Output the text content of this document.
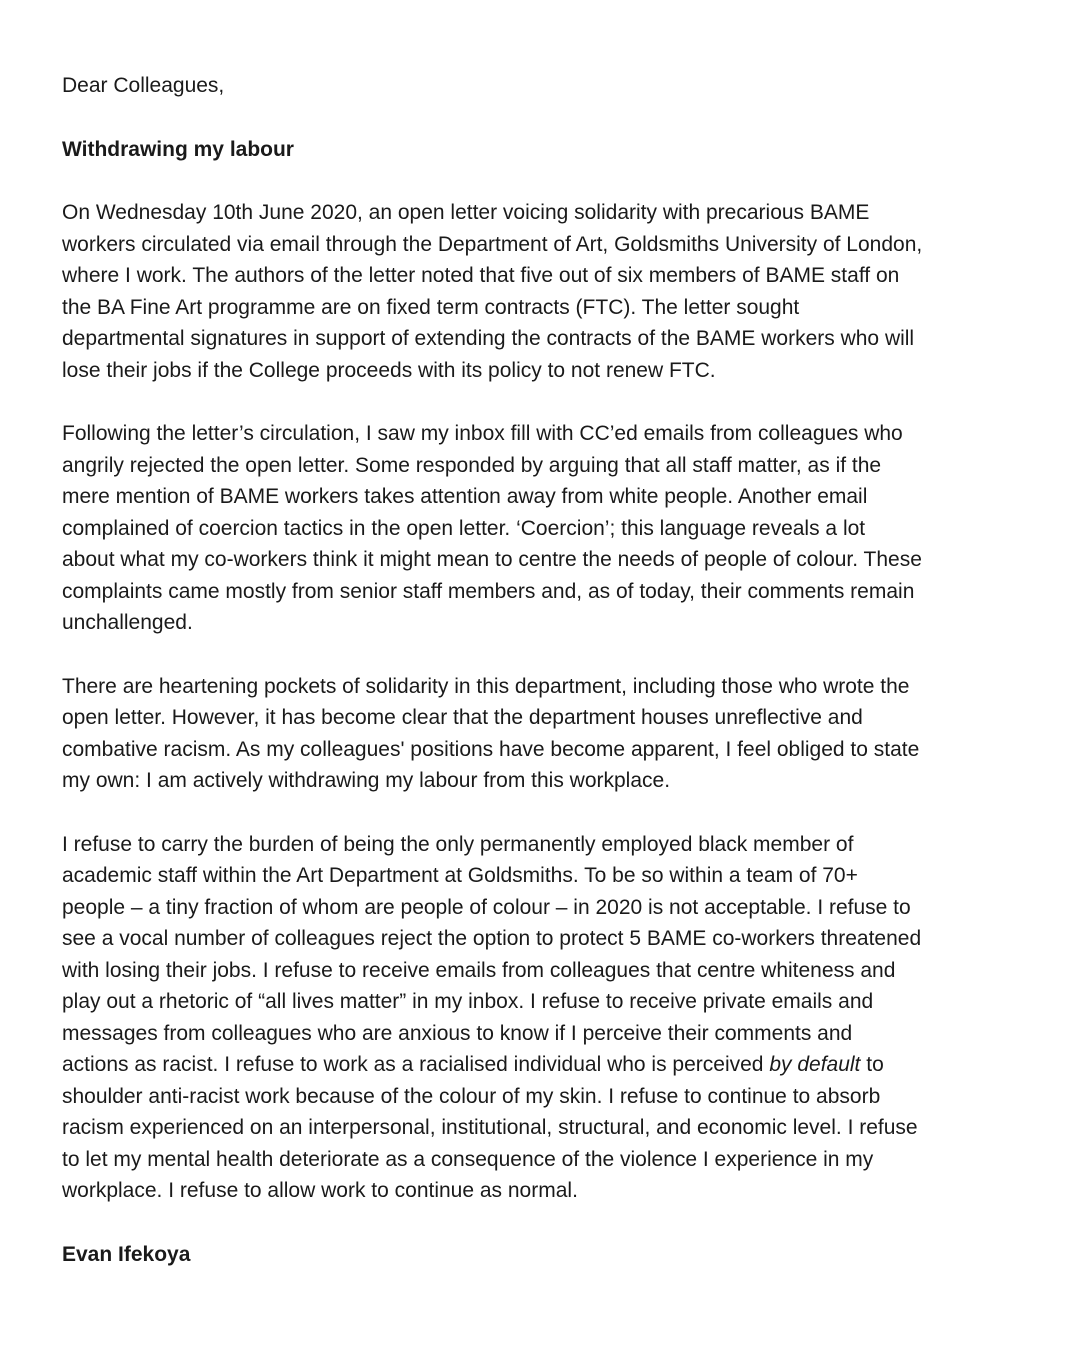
Dear Colleagues,

Withdrawing my labour

On Wednesday 10th June 2020, an open letter voicing solidarity with precarious BAME
workers circulated via email through the Department of Art, Goldsmiths University of London,
where I work. The authors of the letter noted that five out of six members of BAME staff on
the BA Fine Art programme are on fixed term contracts (FTC). The letter sought
departmental signatures in support of extending the contracts of the BAME workers who will
lose their jobs if the College proceeds with its policy to not renew FTC.

Following the letter’s circulation, I saw my inbox fill with CC’ed emails from colleagues who
angrily rejected the open letter. Some responded by arguing that all staff matter, as if the
mere mention of BAME workers takes attention away from white people. Another email
complained of coercion tactics in the open letter. ‘Coercion’; this language reveals a lot
about what my co-workers think it might mean to centre the needs of people of colour. These
complaints came mostly from senior staff members and, as of today, their comments remain
unchallenged.

There are heartening pockets of solidarity in this department, including those who wrote the
open letter. However, it has become clear that the department houses unreflective and
combative racism. As my colleagues' positions have become apparent, I feel obliged to state
my own: I am actively withdrawing my labour from this workplace.

I refuse to carry the burden of being the only permanently employed black member of
academic staff within the Art Department at Goldsmiths. To be so within a team of 70+
people – a tiny fraction of whom are people of colour – in 2020 is not acceptable. I refuse to
see a vocal number of colleagues reject the option to protect 5 BAME co-workers threatened
with losing their jobs. I refuse to receive emails from colleagues that centre whiteness and
play out a rhetoric of “all lives matter” in my inbox. I refuse to receive private emails and
messages from colleagues who are anxious to know if I perceive their comments and
actions as racist. I refuse to work as a racialised individual who is perceived by default to
shoulder anti-racist work because of the colour of my skin. I refuse to continue to absorb
racism experienced on an interpersonal, institutional, structural, and economic level. I refuse
to let my mental health deteriorate as a consequence of the violence I experience in my
workplace. I refuse to allow work to continue as normal.

Evan Ifekoya
